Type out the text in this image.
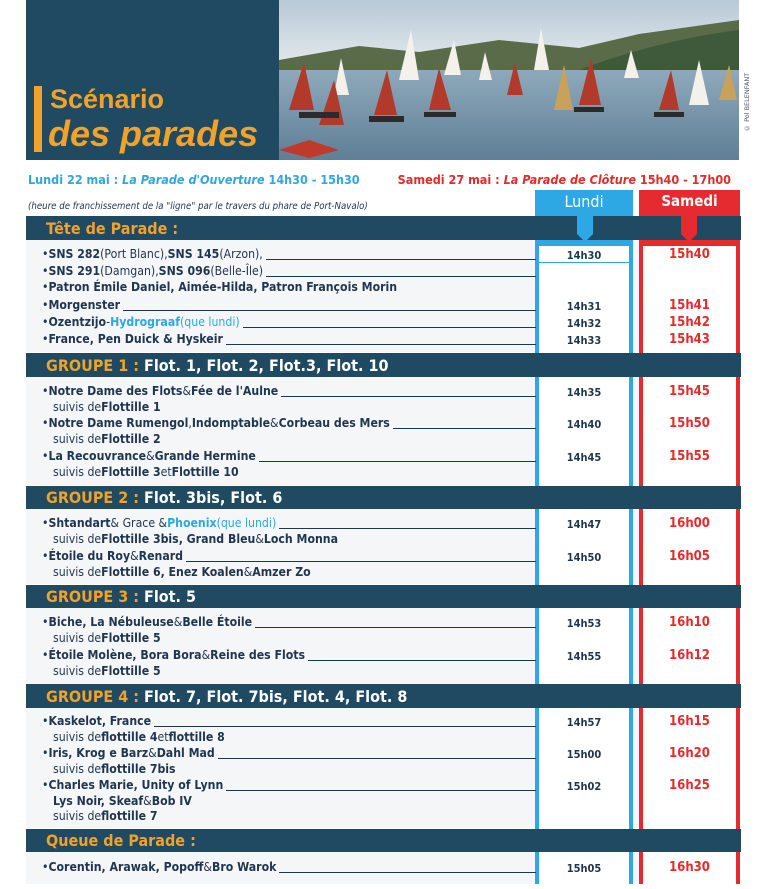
Scénario
des parades
© Pol BELENFANT
Lundi 22 mai : La Parade d'Ouverture 14h30 - 15h30	Samedi 27 mai : La Parade de Clôture 15h40 - 17h00
(heure de franchissement de la "ligne" par le travers du phare de Port-Navalo)	Lundi	Samedi
Tête de Parade :
GROUPE 1 : Flot. 1, Flot. 2, Flot.3, Flot. 10
GROUPE 2 : Flot. 3bis, Flot. 6
GROUPE 3 : Flot. 5
GROUPE 4 : Flot. 7, Flot. 7bis, Flot. 4, Flot. 8
Queue de Parade :
• SNS 282 (Port Blanc), SNS 145 (Arzon),	14h30	15h40
• SNS 291 (Damgan), SNS 096 (Belle-Île)
• Patron Émile Daniel, Aimée-Hilda, Patron François Morin
• Morgenster	14h31	15h41
• Ozentzijo - Hydrograaf (que lundi)	14h32	15h42
• France, Pen Duick & Hyskeir	14h33	15h43
• Notre Dame des Flots & Fée de l'Aulne
suivis de Flottille 1
14h35	15h45
• Notre Dame Rumengol , Indomptable & Corbeau des Mers
suivis de Flottille 2
14h40	15h50
• La Recouvrance & Grande Hermine
suivis de Flottille 3 et Flottille 10
14h45	15h55
• Shtandart & Grace & Phoenix (que lundi)
suivis de Flottille 3bis, Grand Bleu & Loch Monna
14h47	16h00
• Étoile du Roy & Renard
suivis de Flottille 6, Enez Koalen & Amzer Zo
14h50	16h05
• Biche, La Nébuleuse & Belle Étoile
suivis de Flottille 5
14h53	16h10
• Étoile Molène, Bora Bora & Reine des Flots
suivis de Flottille 5
14h55	16h12
• Kaskelot, France
suivis de flottille 4 et flottille 8
14h57	16h15
• Iris, Krog e Barz & Dahl Mad
suivis de flottille 7bis
15h00	16h20
• Charles Marie, Unity of Lynn
Lys Noir, Skeaf & Bob IV
suivis de flottille 7
15h02	16h25
• Corentin, Arawak, Popoff & Bro Warok	15h05	16h30
